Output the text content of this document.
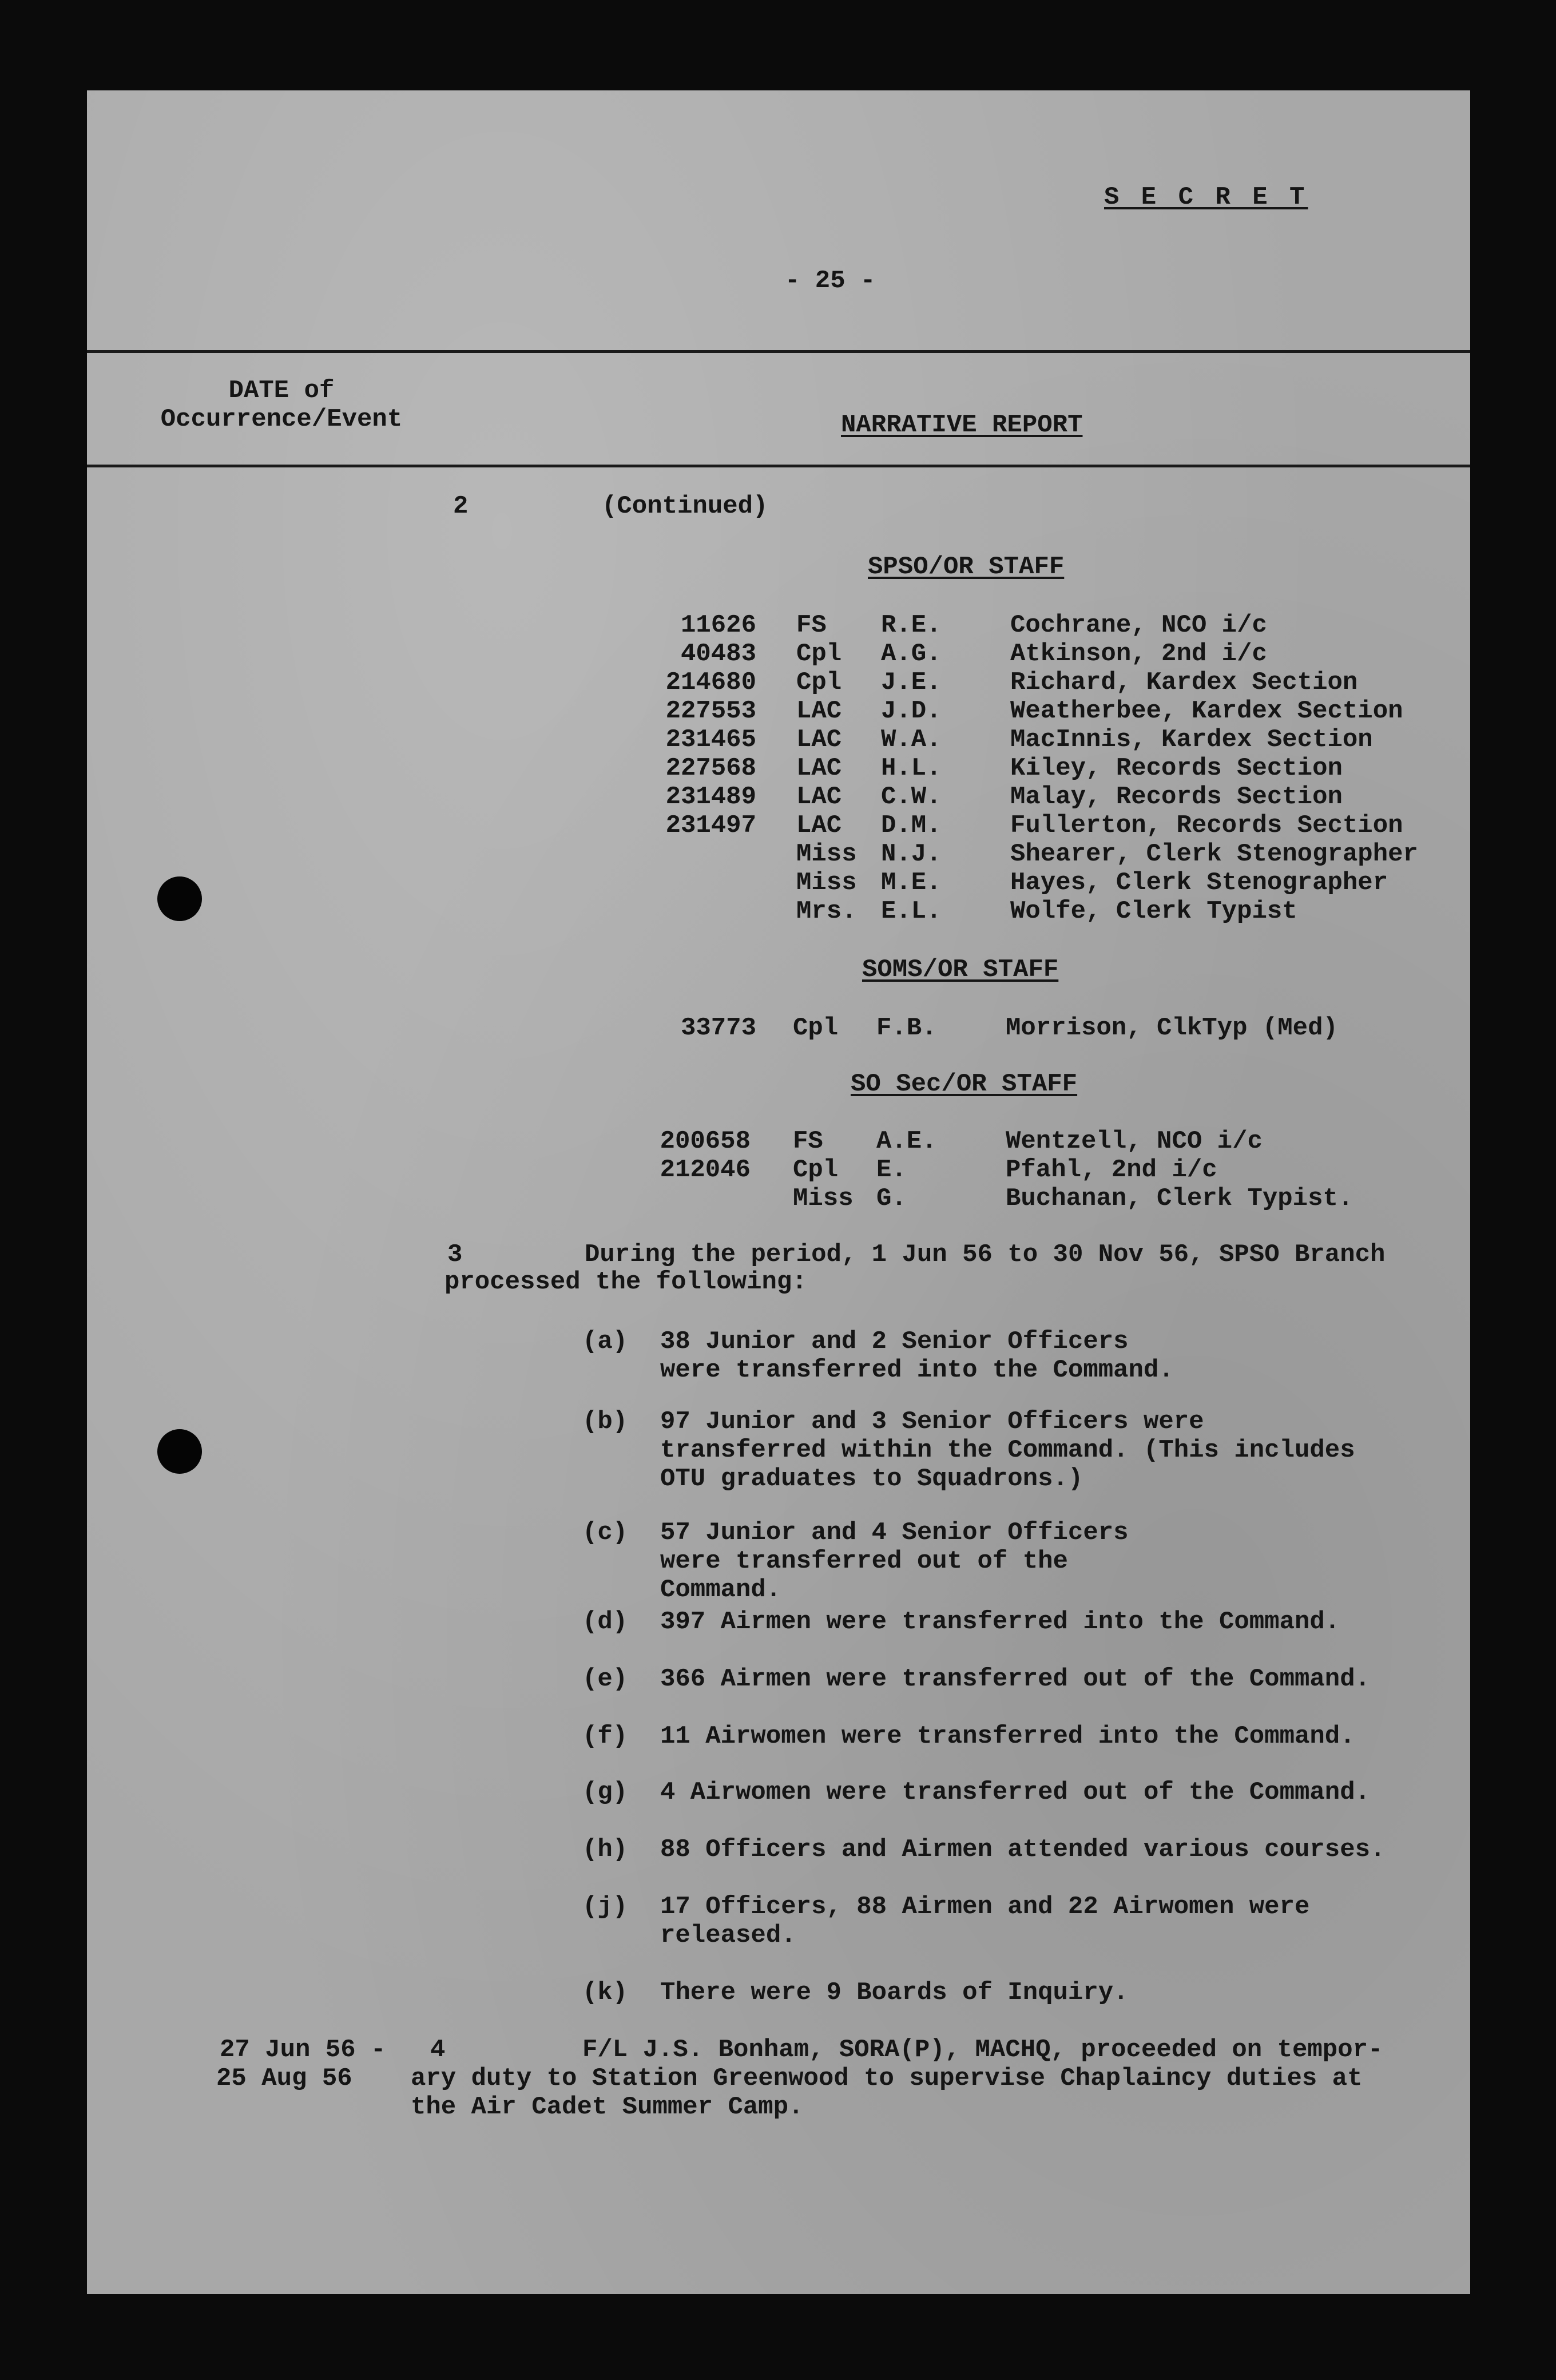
S E C R E T
- 25 -
DATE of
Occurrence/Event	NARRATIVE REPORT
2	(Continued)
SPSO/OR STAFF
11626 FS R.E.	Cochrane, NCO i/c
40483 Cpl A.G.	Atkinson, 2nd i/c
214680 Cpl J.E.	Richard, Kardex Section
227553 LAC J.D.	Weatherbee, Kardex Section
231465 LAC W.A.	MacInnis, Kardex Section
227568 LAC H.L.	Kiley, Records Section
231489 LAC C.W.	Malay, Records Section
231497 LAC D.M.	Fullerton, Records Section
Miss N.J.	Shearer, Clerk Stenographer
Miss M.E.	Hayes, Clerk Stenographer
Mrs. E.L.	Wolfe, Clerk Typist
SOMS/OR STAFF
33773 Cpl F.B.	Morrison, ClkTyp (Med)
SO Sec/OR STAFF
200658 FS A.E.	Wentzell, NCO i/c
212046 Cpl E.	Pfahl, 2nd i/c
Miss G.	Buchanan, Clerk Typist.
3	During the period, 1 Jun 56 to 30 Nov 56, SPSO Branch
processed the following:
(a) 38 Junior and 2 Senior Officers were transferred into the Command.
(b) 97 Junior and 3 Senior Officers were transferred within the Command. (This includes OTU graduates to Squadrons.)
(c) 57 Junior and 4 Senior Officers were transferred out of the Command.
(d) 397 Airmen were transferred into the Command.
(e) 366 Airmen were transferred out of the Command.
(f) 11 Airwomen were transferred into the Command.
(g) 4 Airwomen were transferred out of the Command.
(h) 88 Officers and Airmen attended various courses.
(j) 17 Officers, 88 Airmen and 22 Airwomen were released.
(k) There were 9 Boards of Inquiry.
27 Jun 56 -
25 Aug 56
4	F/L J.S. Bonham, SORA(P), MACHQ, proceeded on tempor-
ary duty to Station Greenwood to supervise Chaplaincy duties at
the Air Cadet Summer Camp.
